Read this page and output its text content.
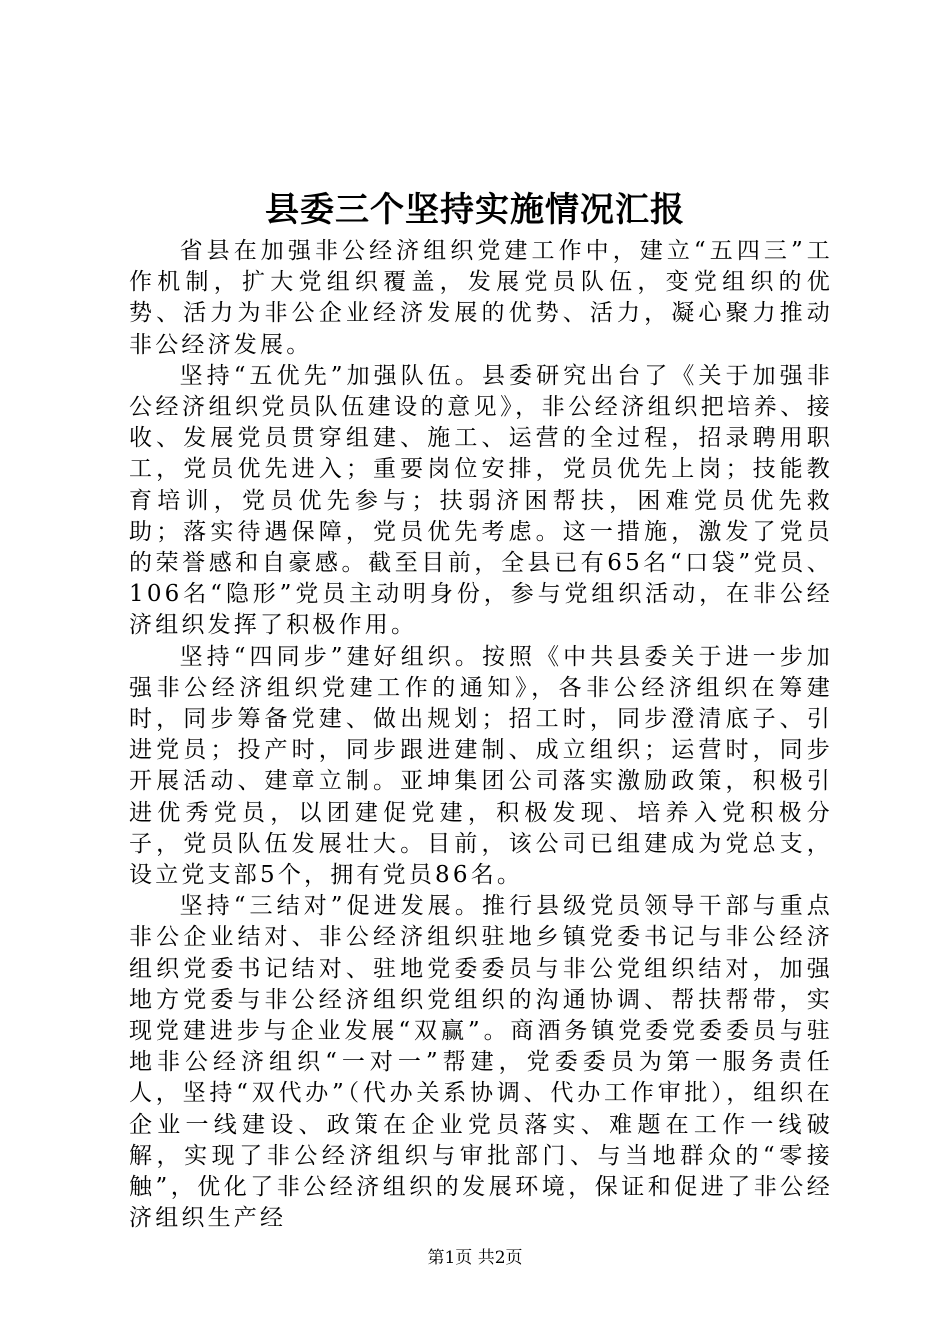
县委三个坚持实施情况汇报

省县在加强非公经济组织党建工作中，建立“五四三”工作机制，扩大党组织覆盖，发展党员队伍，变党组织的优势、活力为非公企业经济发展的优势、活力，凝心聚力推动非公经济发展。

坚持“五优先”加强队伍。县委研究出台了《关于加强非公经济组织党员队伍建设的意见》，非公经济组织把培养、接收、发展党员贯穿组建、施工、运营的全过程，招录聘用职工，党员优先进入；重要岗位安排，党员优先上岗；技能教育培训，党员优先参与；扶弱济困帮扶，困难党员优先救助；落实待遇保障，党员优先考虑。这一措施，激发了党员的荣誉感和自豪感。截至目前，全县已有65名“口袋”党员、106名“隐形”党员主动明身份，参与党组织活动，在非公经济组织发挥了积极作用。

坚持“四同步”建好组织。按照《中共县委关于进一步加强非公经济组织党建工作的通知》，各非公经济组织在筹建时，同步筹备党建、做出规划；招工时，同步澄清底子、引进党员；投产时，同步跟进建制、成立组织；运营时，同步开展活动、建章立制。亚坤集团公司落实激励政策，积极引进优秀党员，以团建促党建，积极发现、培养入党积极分子，党员队伍发展壮大。目前，该公司已组建成为党总支，设立党支部5个，拥有党员86名。

坚持“三结对”促进发展。推行县级党员领导干部与重点非公企业结对、非公经济组织驻地乡镇党委书记与非公经济组织党委书记结对、驻地党委委员与非公党组织结对，加强地方党委与非公经济组织党组织的沟通协调、帮扶帮带，实现党建进步与企业发展“双赢”。商酒务镇党委党委委员与驻地非公经济组织“一对一”帮建，党委委员为第一服务责任人，坚持“双代办”（代办关系协调、代办工作审批），组织在企业一线建设、政策在企业党员落实、难题在工作一线破解，实现了非公经济组织与审批部门、与当地群众的“零接触”，优化了非公经济组织的发展环境，保证和促进了非公经济组织生产经

第1页 共2页
